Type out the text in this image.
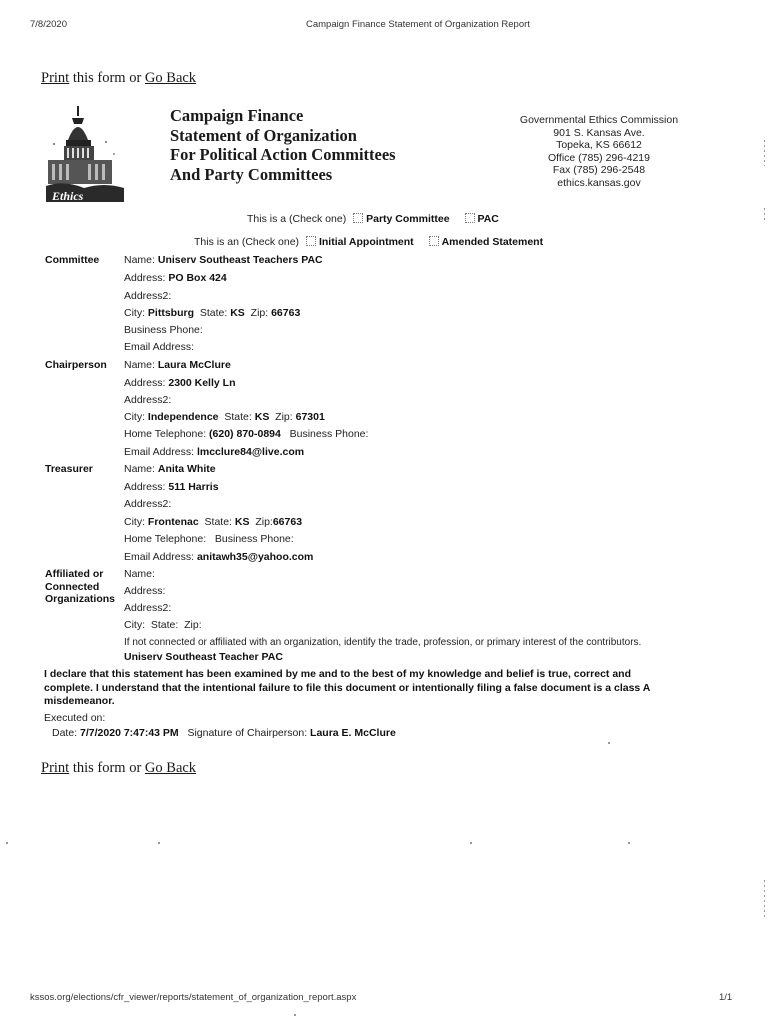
7/8/2020	Campaign Finance Statement of Organization Report
Print this form or Go Back
Ethics
Campaign Finance
Statement of Organization
For Political Action Committees
And Party Committees
Governmental Ethics Commission
901 S. Kansas Ave.
Topeka, KS 66612
Office (785) 296-4219
Fax (785) 296-2548
ethics.kansas.gov
This is a (Check one) Party Committee	PAC
This is an (Check one) Initial Appointment	Amended Statement
Committee Name: Uniserv Southeast Teachers PAC
Address: PO Box 424
Address2:
City: Pittsburg State: KS Zip: 66763
Business Phone:
Email Address:
Chairperson Name: Laura McClure
Address: 2300 Kelly Ln
Address2:
City: Independence State: KS Zip: 67301
Home Telephone: (620) 870-0894 Business Phone:
Email Address: lmcclure84@live.com
Treasurer	Name: Anita White
Address: 511 Harris
Address2:
City: Frontenac State: KS Zip:66763
Home Telephone: Business Phone:
Email Address: anitawh35@yahoo.com
Affiliated or
Connected
Organizations
Name:
Address:
Address2:
City: State: Zip:
If not connected or affiliated with an organization, identify the trade, profession, or primary interest of the contributors.
Uniserv Southeast Teacher PAC
I declare that this statement has been examined by me and to the best of my knowledge and belief is true, correct and
complete. I understand that the intentional failure to file this document or intentionally filing a false document is a class A
misdemeanor.
Executed on:
Date: 7/7/2020 7:47:43 PM Signature of Chairperson: Laura E. McClure
Print this form or Go Back
kssos.org/elections/cfr_viewer/reports/statement_of_organization_report.aspx	1/1
